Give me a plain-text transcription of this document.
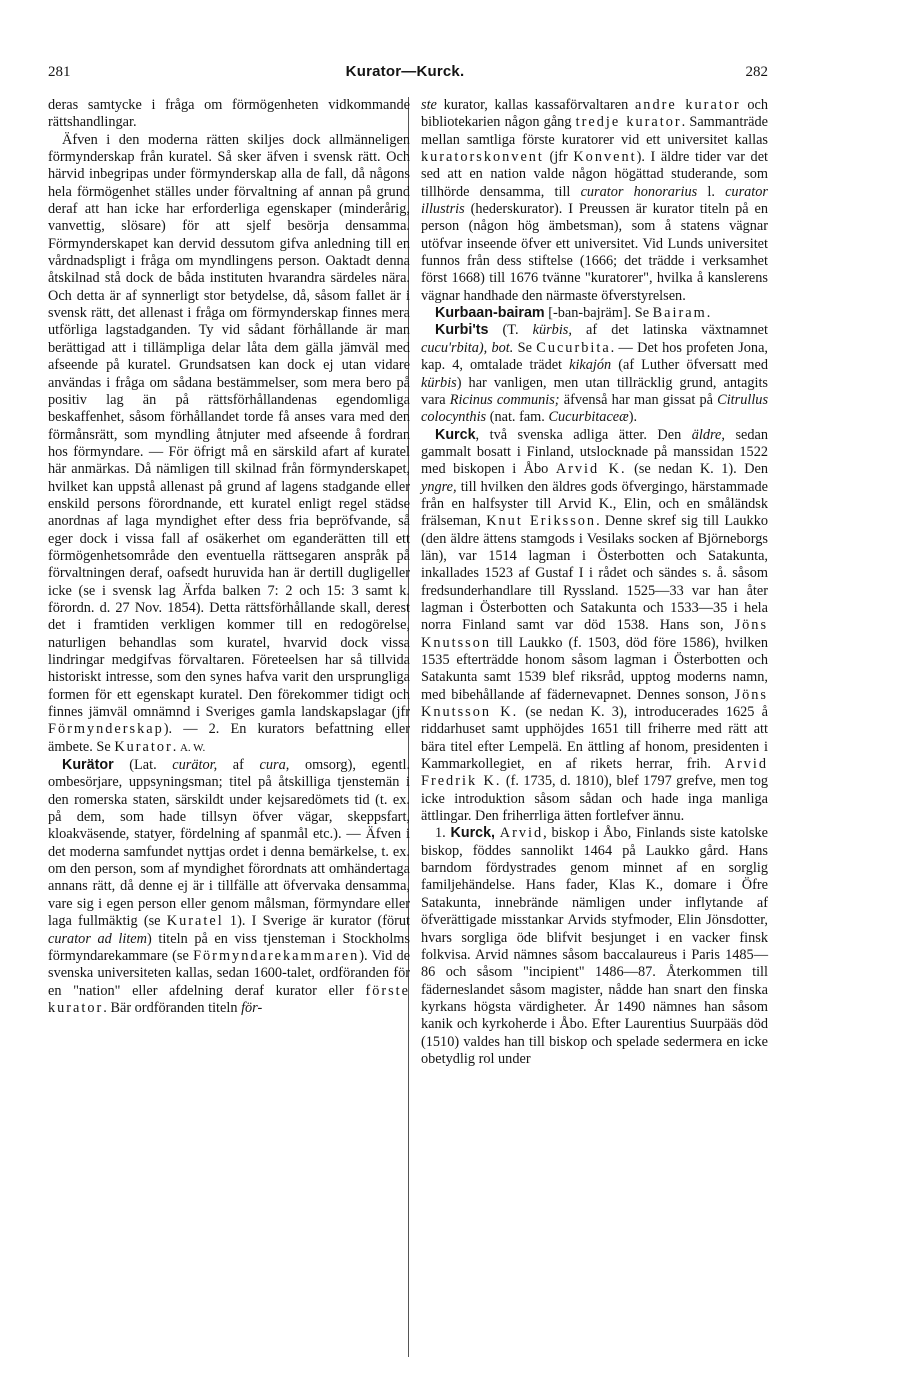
281	Kurator—Kurck.	282

deras samtycke i fråga om förmögenheten vidkommande rättshandlingar.

Äfven i den moderna rätten skiljes dock allmänneligen förmynderskap från kuratel. Så sker äfven i svensk rätt. Och härvid inbegripas under förmynderskap alla de fall, då någons hela förmögenhet ställes under förvaltning af annan på grund deraf att han icke har erforderliga egenskaper (minderårig, vanvettig, slösare) för att sjelf besörja densamma. Förmynderskapet kan dervid dessutom gifva anledning till en vårdnadspligt i fråga om myndlingens person. Oaktadt denna åtskilnad stå dock de båda instituten hvarandra särdeles nära. Och detta är af synnerligt stor betydelse, då, såsom fallet är i svensk rätt, det allenast i fråga om förmynderskap finnes mera utförliga lagstadganden. Ty vid sådant förhållande är man berättigad att i tillämpliga delar låta dem gälla jämväl med afseende på kuratel. Grundsatsen kan dock ej utan vidare användas i fråga om sådana bestämmelser, som mera bero på positiv lag än på rättsförhållandenas egendomliga beskaffenhet, såsom förhållandet torde få anses vara med den förmånsrätt, som myndling åtnjuter med afseende å fordran hos förmyndare. — För öfrigt må en särskild afart af kuratel här anmärkas. Då nämligen till skilnad från förmynderskapet, hvilket kan uppstå allenast på grund af lagens stadgande eller enskild persons förordnande, ett kuratel enligt regel städse anordnas af laga myndighet efter dess fria bepröfvande, så eger dock i vissa fall af osäkerhet om eganderätten till ett förmögenhetsområde den eventuella rättsegaren anspråk på förvaltningen deraf, oafsedt huruvida han är dertill dugligeller icke (se i svensk lag Ärfda balken 7: 2 och 15: 3 samt k. förordn. d. 27 Nov. 1854). Detta rättsförhållande skall, derest det i framtiden verkligen kommer till en redogörelse, naturligen behandlas som kuratel, hvarvid dock vissa lindringar medgifvas förvaltaren. Företeelsen har så tillvida historiskt intresse, som den synes hafva varit den ursprungliga formen för ett egenskapt kuratel. Den förekommer tidigt och finnes jämväl omnämnd i Sveriges gamla landskapslagar (jfr Förmynderskap). — 2. En kurators befattning eller ämbete. Se Kurator. A. W.

Kurätor (Lat. curätor, af cura, omsorg), egentl. ombesörjare, uppsyningsman; titel på åtskilliga tjenstemän i den romerska staten, särskildt under kejsaredömets tid (t. ex. på dem, som hade tillsyn öfver vägar, skeppsfart, kloakväsende, statyer, fördelning af spanmål etc.). — Äfven i det moderna samfundet nyttjas ordet i denna bemärkelse, t. ex. om den person, som af myndighet förordnats att omhändertaga annans rätt, då denne ej är i tillfälle att öfvervaka densamma, vare sig i egen person eller genom målsman, förmyndare eller laga fullmäktig (se Kuratel 1). I Sverige är kurator (förut curator ad litem) titeln på en viss tjensteman i Stockholms förmyndarekammare (se Förmyndarekammaren). Vid de svenska universiteten kallas, sedan 1600-talet, ordföranden för en "nation" eller afdelning deraf kurator eller förste kurator. Bär ordföranden titeln för-

ste kurator, kallas kassaförvaltaren andre kurator och bibliotekarien någon gång tredje kurator. Sammanträde mellan samtliga förste kuratorer vid ett universitet kallas kuratorskonvent (jfr Konvent). I äldre tider var det sed att en nation valde någon högättad studerande, som tillhörde densamma, till curator honorarius l. curator illustris (hederskurator). I Preussen är kurator titeln på en person (någon hög ämbetsman), som å statens vägnar utöfvar inseende öfver ett universitet. Vid Lunds universitet funnos från dess stiftelse (1666; det trädde i verksamhet först 1668) till 1676 tvänne "kuratorer", hvilka å kanslerens vägnar handhade den närmaste öfverstyrelsen.

Kurbaan-bairam [-ban-bajräm]. Se Bairam.

Kurbi'ts (T. kürbis, af det latinska växtnamnet cucu'rbita), bot. Se Cucurbita. — Det hos profeten Jona, kap. 4, omtalade trädet kikajón (af Luther öfversatt med kürbis) har vanligen, men utan tillräcklig grund, antagits vara Ricinus communis; äfvenså har man gissat på Citrullus colocynthis (nat. fam. Cucurbitaceæ).

Kurck, två svenska adliga ätter. Den äldre, sedan gammalt bosatt i Finland, utslocknade på manssidan 1522 med biskopen i Åbo Arvid K. (se nedan K. 1). Den yngre, till hvilken den äldres gods öfvergingo, härstammade från en halfsyster till Arvid K., Elin, och en småländsk frälseman, Knut Eriksson. Denne skref sig till Laukko (den äldre ättens stamgods i Vesilaks socken af Björneborgs län), var 1514 lagman i Österbotten och Satakunta, inkallades 1523 af Gustaf I i rådet och sändes s. å. såsom fredsunderhandlare till Ryssland. 1525—33 var han åter lagman i Österbotten och Satakunta och 1533—35 i hela norra Finland samt var död 1538. Hans son, Jöns Knutsson till Laukko (f. 1503, död före 1586), hvilken 1535 efterträdde honom såsom lagman i Österbotten och Satakunta samt 1539 blef riksråd, upptog moderns namn, med bibehållande af fädernevapnet. Dennes sonson, Jöns Knutsson K. (se nedan K. 3), introducerades 1625 å riddarhuset samt upphöjdes 1651 till friherre med rätt att bära titel efter Lempelä. En ättling af honom, presidenten i Kammarkollegiet, en af rikets herrar, frih. Arvid Fredrik K. (f. 1735, d. 1810), blef 1797 grefve, men tog icke introduktion såsom sådan och hade inga manliga ättlingar. Den friherrliga ätten fortlefver ännu.

1. Kurck, Arvid, biskop i Åbo, Finlands siste katolske biskop, föddes sannolikt 1464 på Laukko gård. Hans barndom fördystrades genom minnet af en sorglig familjehändelse. Hans fader, Klas K., domare i Öfre Satakunta, innebrände nämligen under inflytande af öfverättigade misstankar Arvids styfmoder, Elin Jönsdotter, hvars sorgliga öde blifvit besjunget i en vacker finsk folkvisa. Arvid nämnes såsom baccalaureus i Paris 1485—86 och såsom "incipient" 1486—87. Återkommen till fäderneslandet såsom magister, nådde han snart den finska kyrkans högsta värdigheter. År 1490 nämnes han såsom kanik och kyrkoherde i Åbo. Efter Laurentius Suurpääs död (1510) valdes han till biskop och spelade sedermera en icke obetydlig rol under
